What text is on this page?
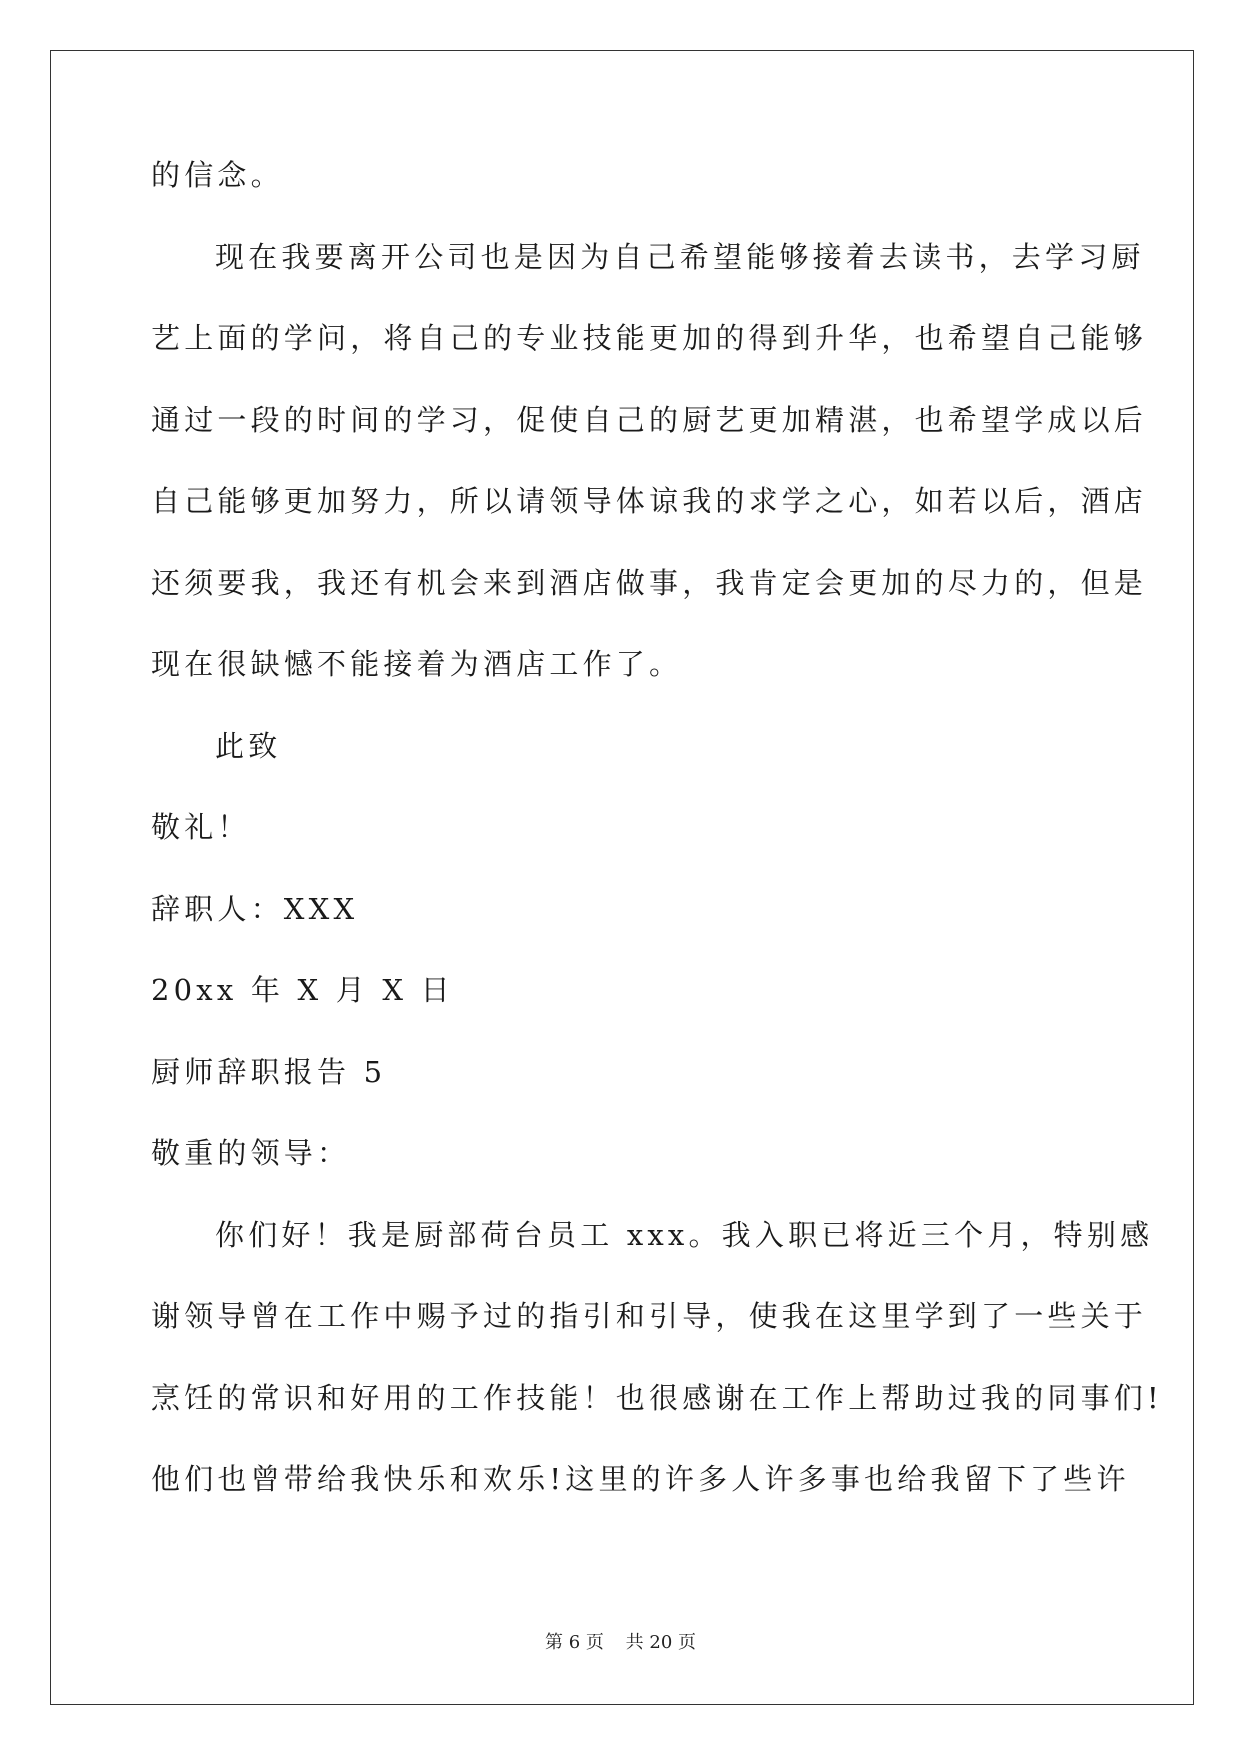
的信念。
现在我要离开公司也是因为自己希望能够接着去读书，去学习厨
艺上面的学问，将自己的专业技能更加的得到升华，也希望自己能够
通过一段的时间的学习，促使自己的厨艺更加精湛，也希望学成以后
自己能够更加努力，所以请领导体谅我的求学之心，如若以后，酒店
还须要我，我还有机会来到酒店做事，我肯定会更加的尽力的，但是
现在很缺憾不能接着为酒店工作了。
此致
敬礼！
辞职人：XXX
20xx 年 X 月 X 日
厨师辞职报告 5
敬重的领导：
你们好！我是厨部荷台员工 xxx。我入职已将近三个月，特别感
谢领导曾在工作中赐予过的指引和引导，使我在这里学到了一些关于
烹饪的常识和好用的工作技能！也很感谢在工作上帮助过我的同事们!
他们也曾带给我快乐和欢乐!这里的许多人许多事也给我留下了些许
第 6 页 共 20 页
